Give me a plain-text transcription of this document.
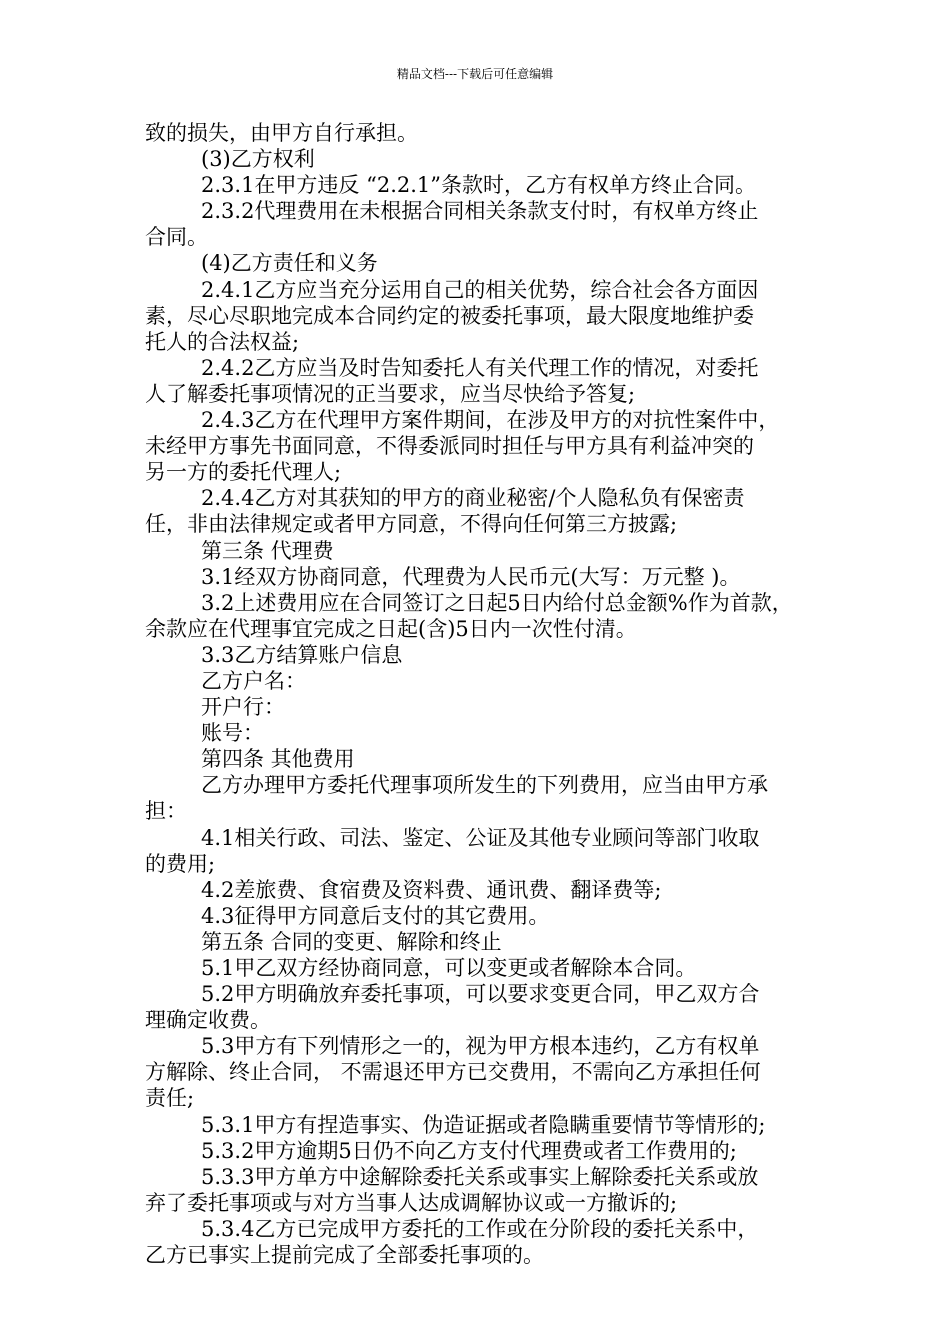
精品文档---下载后可任意编辑
致的损失，由甲方自行承担。
(3)乙方权利
2.3.1在甲方违反 “2.2.1”条款时，乙方有权单方终止合同。
2.3.2代理费用在未根据合同相关条款支付时，有权单方终止
合同。
(4)乙方责任和义务
2.4.1乙方应当充分运用自己的相关优势，综合社会各方面因
素，尽心尽职地完成本合同约定的被委托事项，最大限度地维护委
托人的合法权益;
2.4.2乙方应当及时告知委托人有关代理工作的情况，对委托
人了解委托事项情况的正当要求，应当尽快给予答复;
2.4.3乙方在代理甲方案件期间，在涉及甲方的对抗性案件中，
未经甲方事先书面同意，不得委派同时担任与甲方具有利益冲突的
另一方的委托代理人;
2.4.4乙方对其获知的甲方的商业秘密/个人隐私负有保密责
任，非由法律规定或者甲方同意，不得向任何第三方披露;
第三条 代理费
3.1经双方协商同意，代理费为人民币元(大写：万元整 )。
3.2上述费用应在合同签订之日起5日内给付总金额%作为首款，
余款应在代理事宜完成之日起(含)5日内一次性付清。
3.3乙方结算账户信息
乙方户名：
开户行：
账号：
第四条 其他费用
乙方办理甲方委托代理事项所发生的下列费用，应当由甲方承
担：
4.1相关行政、司法、鉴定、公证及其他专业顾问等部门收取
的费用;
4.2差旅费、食宿费及资料费、通讯费、翻译费等;
4.3征得甲方同意后支付的其它费用。
第五条 合同的变更、解除和终止
5.1甲乙双方经协商同意，可以变更或者解除本合同。
5.2甲方明确放弃委托事项，可以要求变更合同，甲乙双方合
理确定收费。
5.3甲方有下列情形之一的，视为甲方根本违约，乙方有权单
方解除、终止合同， 不需退还甲方已交费用，不需向乙方承担任何
责任;
5.3.1甲方有捏造事实、伪造证据或者隐瞒重要情节等情形的;
5.3.2甲方逾期5日仍不向乙方支付代理费或者工作费用的;
5.3.3甲方单方中途解除委托关系或事实上解除委托关系或放
弃了委托事项或与对方当事人达成调解协议或一方撤诉的;
5.3.4乙方已完成甲方委托的工作或在分阶段的委托关系中，
乙方已事实上提前完成了全部委托事项的。
